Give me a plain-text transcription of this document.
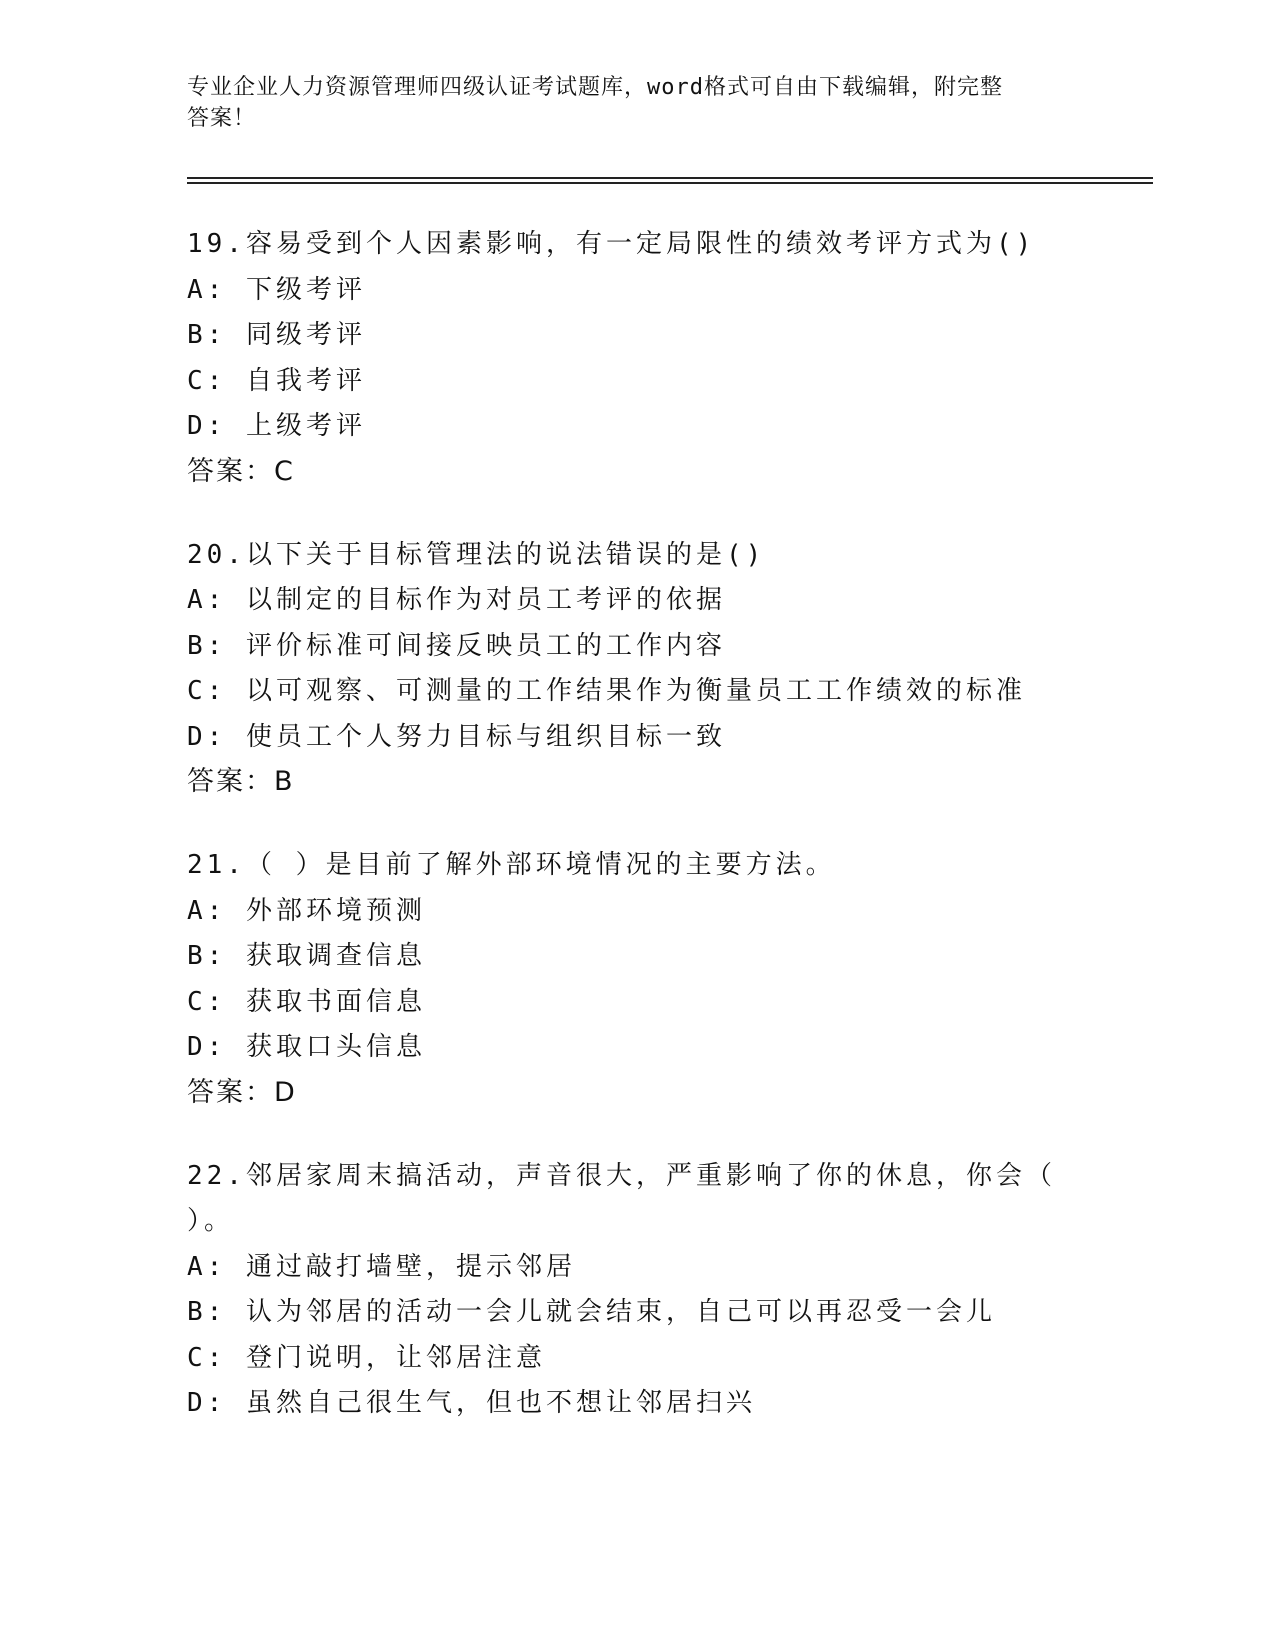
专业企业人力资源管理师四级认证考试题库，word格式可自由下载编辑，附完整
答案！

19.容易受到个人因素影响，有一定局限性的绩效考评方式为()

A: 下级考评

B: 同级考评

C: 自我考评

D: 上级考评

答案：C

20.以下关于目标管理法的说法错误的是()

A: 以制定的目标作为对员工考评的依据

B: 评价标准可间接反映员工的工作内容

C: 以可观察、可测量的工作结果作为衡量员工工作绩效的标准

D: 使员工个人努力目标与组织目标一致

答案：B

21.（ ）是目前了解外部环境情况的主要方法。

A: 外部环境预测

B: 获取调查信息

C: 获取书面信息

D: 获取口头信息

答案：D

22.邻居家周末搞活动，声音很大，严重影响了你的休息，你会（

）。

A: 通过敲打墙壁，提示邻居

B: 认为邻居的活动一会儿就会结束，自己可以再忍受一会儿

C: 登门说明，让邻居注意

D: 虽然自己很生气，但也不想让邻居扫兴
